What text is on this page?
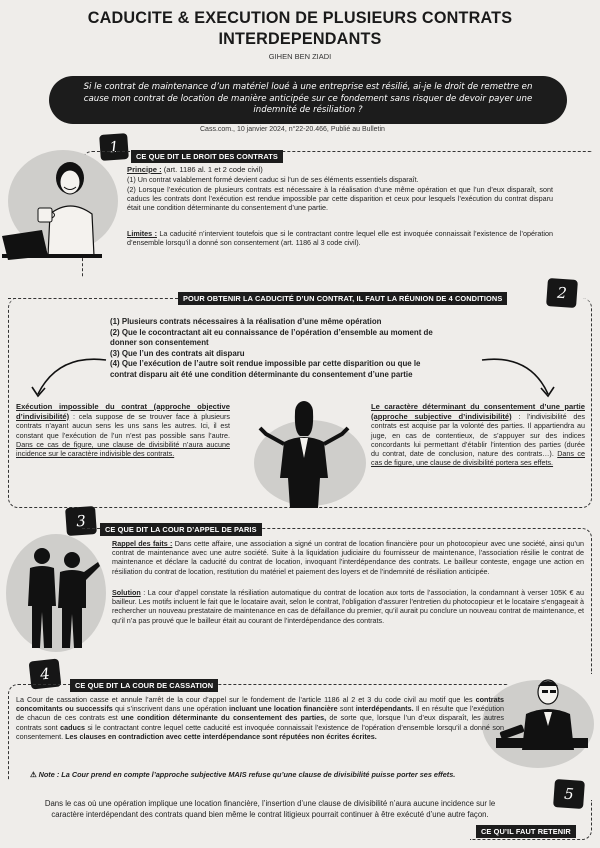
CADUCITE & EXECUTION DE PLUSIEURS CONTRATS
INTERDEPENDANTS
GIHEN BEN ZIADI
Si le contrat de maintenance d’un matériel loué à une entreprise est résilié, ai-je le droit de remettre en cause mon contrat de location de manière anticipée sur ce fondement sans risquer de devoir payer une indemnité de résiliation ?
Cass.com., 10 janvier 2024, n°22-20.466, Publié au Bulletin
1
CE QUE DIT LE DROIT DES CONTRATS
Principe : (art. 1186 al. 1 et 2 code civil)
(1) Un contrat valablement formé devient caduc si l’un de ses éléments essentiels disparaît.
(2) Lorsque l’exécution de plusieurs contrats est nécessaire à la réalisation d’une même opération et que l’un d’eux disparaît, sont caducs les contrats dont l’exécution est rendue impossible par cette disparition et ceux pour lesquels l’exécution du contrat disparu était une condition déterminante du consentement d’une partie.
Limites : La caducité n’intervient toutefois que si le contractant contre lequel elle est invoquée connaissait l’existence de l’opération d’ensemble lorsqu’il a donné son consentement (art. 1186 al 3 code civil).
2
POUR OBTENIR LA CADUCITÉ D’UN CONTRAT, IL FAUT LA RÉUNION DE 4 CONDITIONS
(1) Plusieurs contrats nécessaires à la réalisation d’une même opération
(2) Que le cocontractant ait eu connaissance de l’opération d’ensemble au moment de
donner son consentement
(3) Que l’un des contrats ait disparu
(4) Que l’exécution de l’autre soit rendue impossible par cette disparition ou que le
contrat disparu ait été une condition déterminante du consentement d’une partie
Exécution impossible du contrat (approche objective d’indivisibilité) : cela suppose de se trouver face à plusieurs contrats n’ayant aucun sens les uns sans les autres. Ici, il est constant que l’exécution de l’un n’est pas possible sans l’autre. Dans ce cas de figure, une clause de divisibilité n’aura aucune incidence sur le caractère indivisible des contrats.
Le caractère déterminant du consentement d’une partie (approche subjective d’indivisibilité) : l’indivisibilité des contrats est acquise par la volonté des parties. Il appartiendra au juge, en cas de contentieux, de s’appuyer sur des indices concordants lui permettant d’établir l’intention des parties (durée du contrat, date de conclusion, nature des contrats…). Dans ce cas de figure, une clause de divisibilité portera ses effets.
3	CE QUE DIT LA COUR D’APPEL DE PARIS
Rappel des faits : Dans cette affaire, une association a signé un contrat de location financière pour un photocopieur avec une société, ainsi qu’un contrat de maintenance avec une autre société. Suite à la liquidation judiciaire du fournisseur de maintenance, l’association résilie le contrat de maintenance et déclare la caducité du contrat de location, invoquant l’interdépendance des contrats. Le bailleur conteste, engage une action en résiliation du contrat de location, restitution du matériel et paiement des loyers et de l’indemnité de résiliation anticipée.
Solution : La cour d’appel constate la résiliation automatique du contrat de location aux torts de l’association, la condamnant à verser 105K € au bailleur. Les motifs incluent le fait que le locataire avait, selon le contrat, l’obligation d’assurer l’entretien du photocopieur et le locataire s’engageait à rechercher un nouveau prestataire de maintenance en cas de défaillance du premier, qu’il aurait pu conclure un nouveau contrat de maintenance, et qu’il n’a pas prouvé que le bailleur était au courant de l’interdépendance des contrats.
4
CE QUE DIT LA COUR DE CASSATION
La Cour de cassation casse et annule l’arrêt de la cour d’appel sur le fondement de l’article 1186 al 2 et 3 du code civil au motif que les contrats concomitants ou successifs qui s’inscrivent dans une opération incluant une location financière sont interdépendants. Il en résulte que l’exécution de chacun de ces contrats est une condition déterminante du consentement des parties, de sorte que, lorsque l’un d’eux disparaît, les autres contrats sont caducs si le contractant contre lequel cette caducité est invoquée connaissait l’existence de l’opération d’ensemble lorsqu’il a donné son consentement. Les clauses en contradiction avec cette interdépendance sont réputées non écrites écrites.
⚠ Note : La Cour prend en compte l’approche subjective MAIS refuse qu’une clause de divisibilité puisse porter ses effets.
5
Dans le cas où une opération implique une location financière, l’insertion d’une clause de divisibilité n’aura aucune incidence sur le caractère interdépendant des contrats quand bien même le contrat litigieux pourrait continuer à être exécuté d’une autre façon.
CE QU’IL FAUT RETENIR
